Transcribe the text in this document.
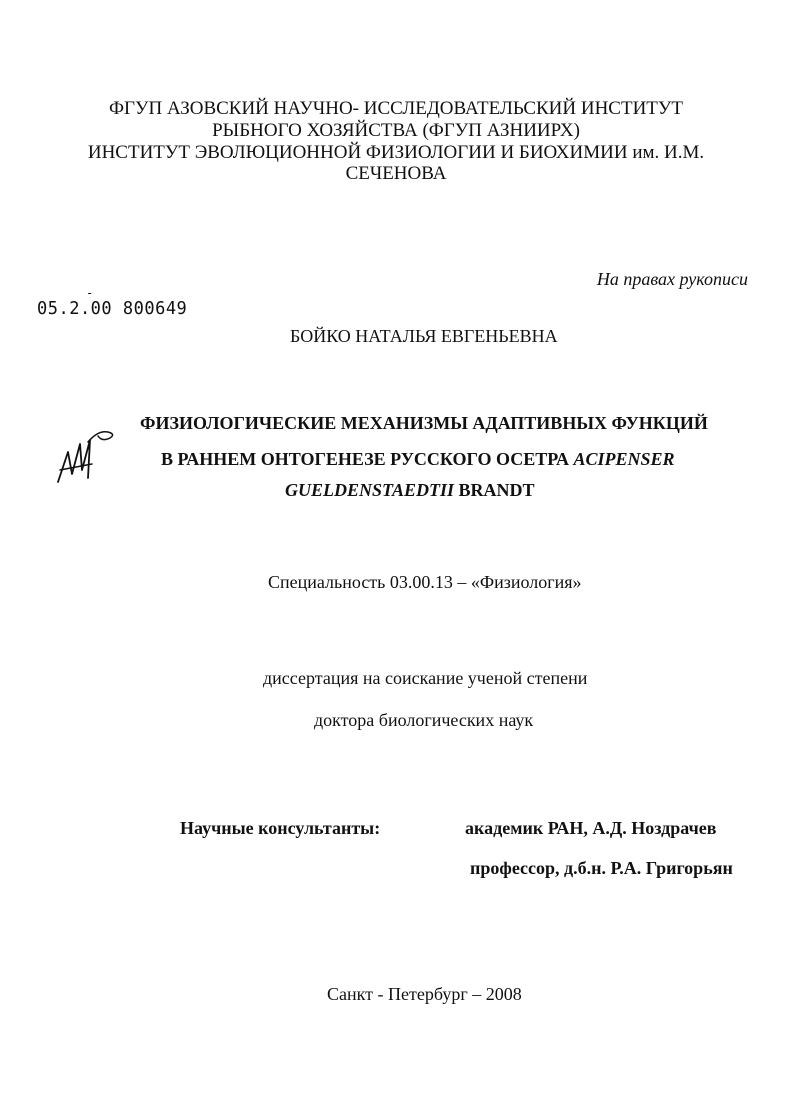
ФГУП АЗОВСКИЙ НАУЧНО- ИССЛЕДОВАТЕЛЬСКИЙ ИНСТИТУТ
РЫБНОГО ХОЗЯЙСТВА (ФГУП АЗНИИРХ)
ИНСТИТУТ ЭВОЛЮЦИОННОЙ ФИЗИОЛОГИИ И БИОХИМИИ им. И.М.
СЕЧЕНОВА
На правах рукописи
-
05.2.00 800649
БОЙКО НАТАЛЬЯ ЕВГЕНЬЕВНА
ФИЗИОЛОГИЧЕСКИЕ МЕХАНИЗМЫ АДАПТИВНЫХ ФУНКЦИЙ
В РАННЕМ ОНТОГЕНЕЗЕ РУССКОГО ОСЕТРА ACIPENSER
GUELDENSTAEDTII BRANDT
Специальность 03.00.13 – «Физиология»
диссертация на соискание ученой степени
доктора биологических наук
Научные консультанты:	академик РАН, А.Д. Ноздрачев
профессор, д.б.н. Р.А. Григорьян
Санкт - Петербург – 2008
